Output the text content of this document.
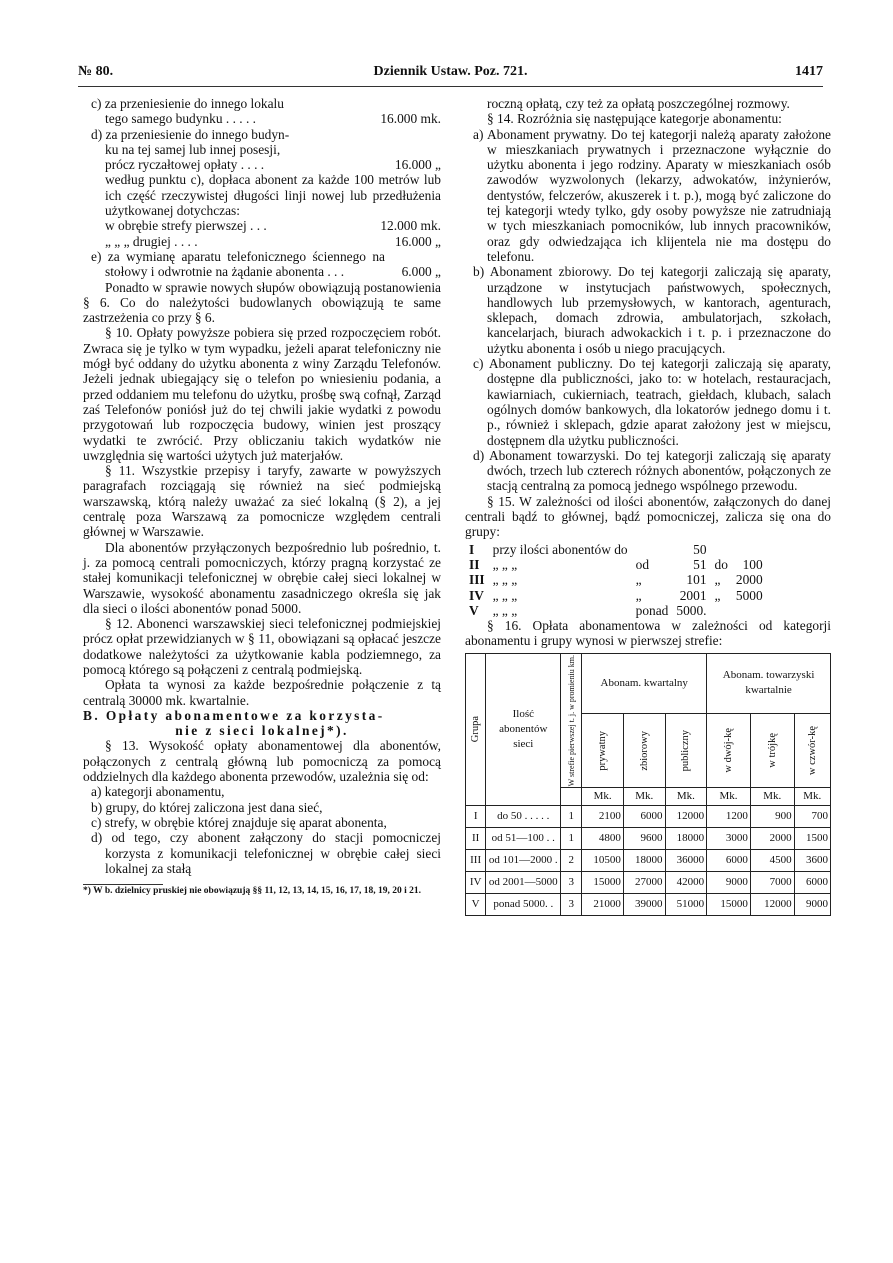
№ 80.	Dziennik Ustaw. Poz. 721.	1417

c) za przeniesienie do innego lokalu

tego samego budynku . . . . .	16.000 mk.

d) za przeniesienie do innego budyn-

ku na tej samej lub innej posesji,

prócz ryczałtowej opłaty . . . .	16.000 „

według punktu c), dopłaca abonent za każde 100 metrów lub ich część rzeczywistej długości linji nowej lub przedłużenia użytkowanej dotychczas:

w obrębie strefy pierwszej . . .	12.000 mk.
„ „ „ drugiej . . . .	16.000 „
e) za wymianę aparatu telefonicznego ściennego na stołowy i odwrotnie na żądanie abonenta . . .	6.000 „

Ponadto w sprawie nowych słupów obowiązują postanowienia § 6. Co do należytości budowlanych obowiązują te same zastrzeżenia co przy § 6.

§ 10. Opłaty powyższe pobiera się przed rozpoczęciem robót. Zwraca się je tylko w tym wypadku, jeżeli aparat telefoniczny nie mógł być oddany do użytku abonenta z winy Zarządu Telefonów. Jeżeli jednak ubiegający się o telefon po wniesieniu podania, a przed oddaniem mu telefonu do użytku, prośbę swą cofnął, Zarząd zaś Telefonów poniósł już do tej chwili jakie wydatki z powodu przygotowań lub rozpoczęcia budowy, winien jest proszący wydatki te zwrócić. Przy obliczaniu takich wydatków nie uwzględnia się wartości użytych już materjałów.

§ 11. Wszystkie przepisy i taryfy, zawarte w powyższych paragrafach rozciągają się również na sieć podmiejską warszawską, którą należy uważać za sieć lokalną (§ 2), a jej centralę poza Warszawą za pomocnicze względem centrali głównej w Warszawie.

Dla abonentów przyłączonych bezpośrednio lub pośrednio, t. j. za pomocą centrali pomocniczych, którzy pragną korzystać ze stałej komunikacji telefonicznej w obrębie całej sieci lokalnej w Warszawie, wysokość abonamentu zasadniczego określa się jak dla sieci o ilości abonentów ponad 5000.

§ 12. Abonenci warszawskiej sieci telefonicznej podmiejskiej prócz opłat przewidzianych w § 11, obowiązani są opłacać jeszcze dodatkowe należytości za użytkowanie kabla podziemnego, za pomocą którego są połączeni z centralą podmiejską.

Opłata ta wynosi za każde bezpośrednie połączenie z tą centralą 30000 mk. kwartalnie.

B. Opłaty abonamentowe za korzysta-

nie z sieci lokalnej*).

§ 13. Wysokość opłaty abonamentowej dla abonentów, połączonych z centralą główną lub pomocniczą za pomocą oddzielnych dla każdego abonenta przewodów, uzależnia się od:

a) kategorji abonamentu,

b) grupy, do której zaliczona jest dana sieć,

c) strefy, w obrębie której znajduje się aparat abonenta,

d) od tego, czy abonent załączony do stacji pomocniczej korzysta z komunikacji telefonicznej w obrębie całej sieci lokalnej za stałą

*) W b. dzielnicy pruskiej nie obowiązują §§ 11, 12, 13, 14, 15, 16, 17, 18, 19, 20 i 21.

roczną opłatą, czy też za opłatą poszczególnej rozmowy.

§ 14. Rozróżnia się następujące kategorje abonamentu:

a) Abonament prywatny. Do tej kategorji należą aparaty założone w mieszkaniach prywatnych i przeznaczone wyłącznie do użytku abonenta i jego rodziny. Aparaty w mieszkaniach osób zawodów wyzwolonych (lekarzy, adwokatów, inżynierów, dentystów, felczerów, akuszerek i t. p.), mogą być zaliczone do tej kategorji wtedy tylko, gdy osoby powyższe nie zatrudniają w tych mieszkaniach pomocników, lub innych pracowników, oraz gdy odwiedzająca ich klijentela nie ma dostępu do telefonu.

b) Abonament zbiorowy. Do tej kategorji zaliczają się aparaty, urządzone w instytucjach państwowych, społecznych, handlowych lub przemysłowych, w kantorach, agenturach, sklepach, domach zdrowia, ambulatorjach, szkołach, kancelarjach, biurach adwokackich i t. p. i przeznaczone do użytku abonenta i osób u niego pracujących.

c) Abonament publiczny. Do tej kategorji zaliczają się aparaty, dostępne dla publiczności, jako to: w hotelach, restauracjach, kawiarniach, cukierniach, teatrach, giełdach, klubach, salach ogólnych domów bankowych, dla lokatorów jednego domu i t. p., również i sklepach, gdzie aparat założony jest w miejscu, dostępnem dla użytku publiczności.

d) Abonament towarzyski. Do tej kategorji zaliczają się aparaty dwóch, trzech lub czterech różnych abonentów, połączonych ze stacją centralną za pomocą jednego wspólnego przewodu.

§ 15. W zależności od ilości abonentów, załączonych do danej centrali bądź to głównej, bądź pomocniczej, zalicza się ona do grupy:

I	przy ilości abonentów do		50		
II	„ „ „	od	51	do	100
III	„ „ „	„	101	„	2000
IV	„ „ „	„	2001	„	5000
V	„ „ „	ponad	5000.		

§ 16. Opłata abonamentowa w zależności od kategorji abonamentu i grupy wynosi w pierwszej strefie:

Grupa	Ilość abonentów sieci	W strefie pierwszej t. j. w promieniu km.	Abonam. kwartalny			Abonam. towarzyski
kwartalnie		

			prywatny	zbiorowy	publiczny	w dwój-kę	w trójkę	w czwór-kę

			Mk.	Mk.	Mk.	Mk.	Mk.	Mk.
I	do 50 . . . . .	1	2100	6000	12000	1200	900	700
II	od 51—100 . .	1	4800	9600	18000	3000	2000	1500
III	od 101—2000 .	2	10500	18000	36000	6000	4500	3600
IV	od 2001—5000	3	15000	27000	42000	9000	7000	6000
V	ponad 5000. .	3	21000	39000	51000	15000	12000	9000
